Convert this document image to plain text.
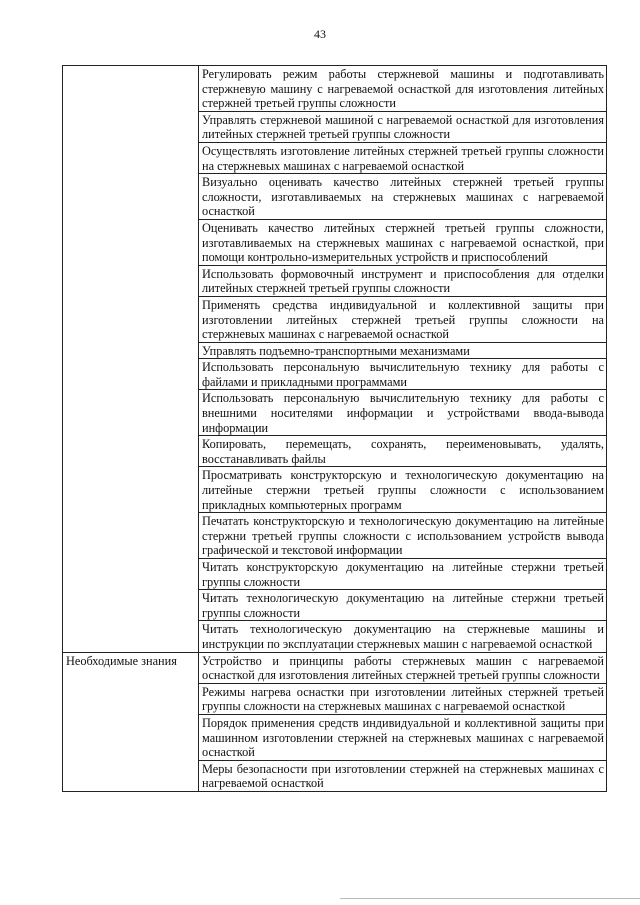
43
	Регулировать режим работы стержневой машины и подготавливать стержневую машину с нагреваемой оснасткой для изготовления литейных стержней третьей группы сложности
	Управлять стержневой машиной с нагреваемой оснасткой для изготовления литейных стержней третьей группы сложности
	Осуществлять изготовление литейных стержней третьей группы сложности на стержневых машинах с нагреваемой оснасткой
	Визуально оценивать качество литейных стержней третьей группы сложности, изготавливаемых на стержневых машинах с нагреваемой оснасткой
	Оценивать качество литейных стержней третьей группы сложности, изготавливаемых на стержневых машинах с нагреваемой оснасткой, при помощи контрольно-измерительных устройств и приспособлений
	Использовать формовочный инструмент и приспособления для отделки литейных стержней третьей группы сложности
	Применять средства индивидуальной и коллективной защиты при изготовлении литейных стержней третьей группы сложности на стержневых машинах с нагреваемой оснасткой
	Управлять подъемно-транспортными механизмами
	Использовать персональную вычислительную технику для работы с файлами и прикладными программами
	Использовать персональную вычислительную технику для работы с внешними носителями информации и устройствами ввода-вывода информации
	Копировать, перемещать, сохранять, переименовывать, удалять, восстанавливать файлы
	Просматривать конструкторскую и технологическую документацию на литейные стержни третьей группы сложности с использованием прикладных компьютерных программ
	Печатать конструкторскую и технологическую документацию на литейные стержни третьей группы сложности с использованием устройств вывода графической и текстовой информации
	Читать конструкторскую документацию на литейные стержни третьей группы сложности
	Читать технологическую документацию на литейные стержни третьей группы сложности
	Читать технологическую документацию на стержневые машины и инструкции по эксплуатации стержневых машин с нагреваемой оснасткой
Необходимые знания	Устройство и принципы работы стержневых машин с нагреваемой оснасткой для изготовления литейных стержней третьей группы сложности
	Режимы нагрева оснастки при изготовлении литейных стержней третьей группы сложности на стержневых машинах с нагреваемой оснасткой
	Порядок применения средств индивидуальной и коллективной защиты при машинном изготовлении стержней на стержневых машинах с нагреваемой оснасткой
	Меры безопасности при изготовлении стержней на стержневых машинах с нагреваемой оснасткой
